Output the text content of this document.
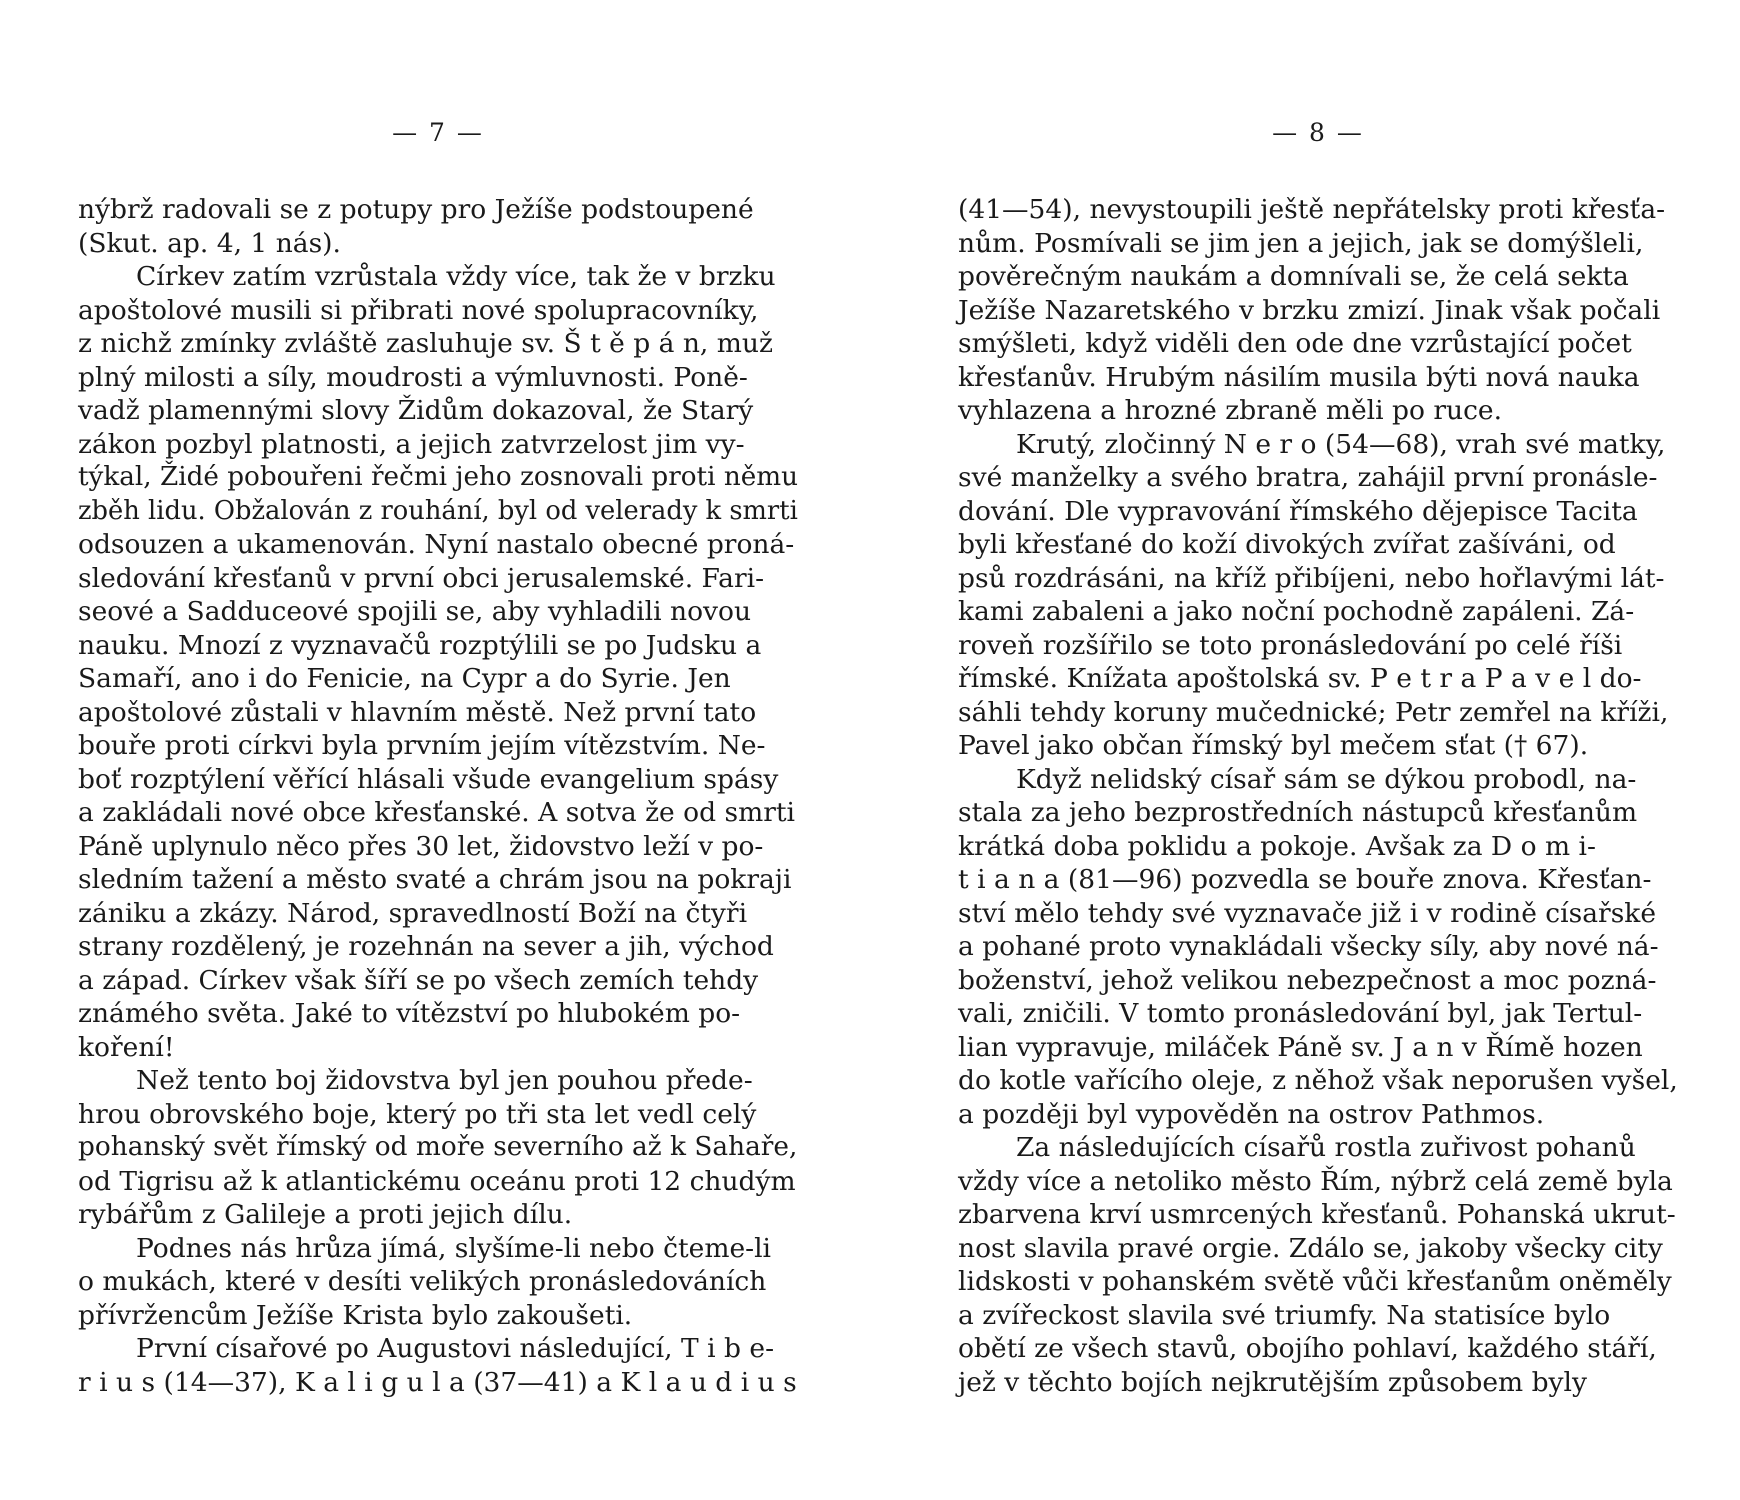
— 7 —
nýbrž radovali se z potupy pro Ježíše podstoupené
(Skut. ap. 4, 1 nás).
Církev zatím vzrůstala vždy více, tak že v brzku
apoštolové musili si přibrati nové spolupracovníky,
z nichž zmínky zvláště zasluhuje sv. Š t ě p á n, muž
plný milosti a síly, moudrosti a výmluvnosti. Poně-
vadž plamennými slovy Židům dokazoval, že Starý
zákon pozbyl platnosti, a jejich zatvrzelost jim vy-
týkal, Židé pobouřeni řečmi jeho zosnovali proti němu
zběh lidu. Obžalován z rouhání, byl od velerady k smrti
odsouzen a ukamenován. Nyní nastalo obecné proná-
sledování křesťanů v první obci jerusalemské. Fari-
seové a Sadduceové spojili se, aby vyhladili novou
nauku. Mnozí z vyznavačů rozptýlili se po Judsku a
Samaří, ano i do Fenicie, na Cypr a do Syrie. Jen
apoštolové zůstali v hlavním městě. Než první tato
bouře proti církvi byla prvním jejím vítězstvím. Ne-
boť rozptýlení věřící hlásali všude evangelium spásy
a zakládali nové obce křesťanské. A sotva že od smrti
Páně uplynulo něco přes 30 let, židovstvo leží v po-
sledním tažení a město svaté a chrám jsou na pokraji
zániku a zkázy. Národ, spravedlností Boží na čtyři
strany rozdělený, je rozehnán na sever a jih, východ
a západ. Církev však šíří se po všech zemích tehdy
známého světa. Jaké to vítězství po hlubokém po-
koření!
Než tento boj židovstva byl jen pouhou přede-
hrou obrovského boje, který po tři sta let vedl celý
pohanský svět římský od moře severního až k Sahaře,
od Tigrisu až k atlantickému oceánu proti 12 chudým
rybářům z Galileje a proti jejich dílu.
Podnes nás hrůza jímá, slyšíme-li nebo čteme-li
o mukách, které v desíti velikých pronásledováních
přívržencům Ježíše Krista bylo zakoušeti.
První císařové po Augustovi následující, T i b e-
r i u s (14—37), K a l i g u l a (37—41) a K l a u d i u s
— 8 —
(41—54), nevystoupili ještě nepřátelsky proti křesťa-
nům. Posmívali se jim jen a jejich, jak se domýšleli,
pověrečným naukám a domnívali se, že celá sekta
Ježíše Nazaretského v brzku zmizí. Jinak však počali
smýšleti, když viděli den ode dne vzrůstající počet
křesťanův. Hrubým násilím musila býti nová nauka
vyhlazena a hrozné zbraně měli po ruce.
Krutý, zločinný N e r o (54—68), vrah své matky,
své manželky a svého bratra, zahájil první pronásle-
dování. Dle vypravování římského dějepisce Tacita
byli křesťané do koží divokých zvířat zašíváni, od
psů rozdrásáni, na kříž přibíjeni, nebo hořlavými lát-
kami zabaleni a jako noční pochodně zapáleni. Zá-
roveň rozšířilo se toto pronásledování po celé říši
římské. Knížata apoštolská sv. P e t r a P a v e l do-
sáhli tehdy koruny mučednické; Petr zemřel na kříži,
Pavel jako občan římský byl mečem sťat († 67).
Když nelidský císař sám se dýkou probodl, na-
stala za jeho bezprostředních nástupců křesťanům
krátká doba poklidu a pokoje. Avšak za D o m i-
t i a n a (81—96) pozvedla se bouře znova. Křesťan-
ství mělo tehdy své vyznavače již i v rodině císařské
a pohané proto vynakládali všecky síly, aby nové ná-
boženství, jehož velikou nebezpečnost a moc pozná-
vali, zničili. V tomto pronásledování byl, jak Tertul-
lian vypravuje, miláček Páně sv. J a n v Římě hozen
do kotle vařícího oleje, z něhož však neporušen vyšel,
a později byl vypověděn na ostrov Pathmos.
Za následujících císařů rostla zuřivost pohanů
vždy více a netoliko město Řím, nýbrž celá země byla
zbarvena krví usmrcených křesťanů. Pohanská ukrut-
nost slavila pravé orgie. Zdálo se, jakoby všecky city
lidskosti v pohanském světě vůči křesťanům oněměly
a zvířeckost slavila své triumfy. Na statisíce bylo
obětí ze všech stavů, obojího pohlaví, každého stáří,
jež v těchto bojích nejkrutějším způsobem byly
